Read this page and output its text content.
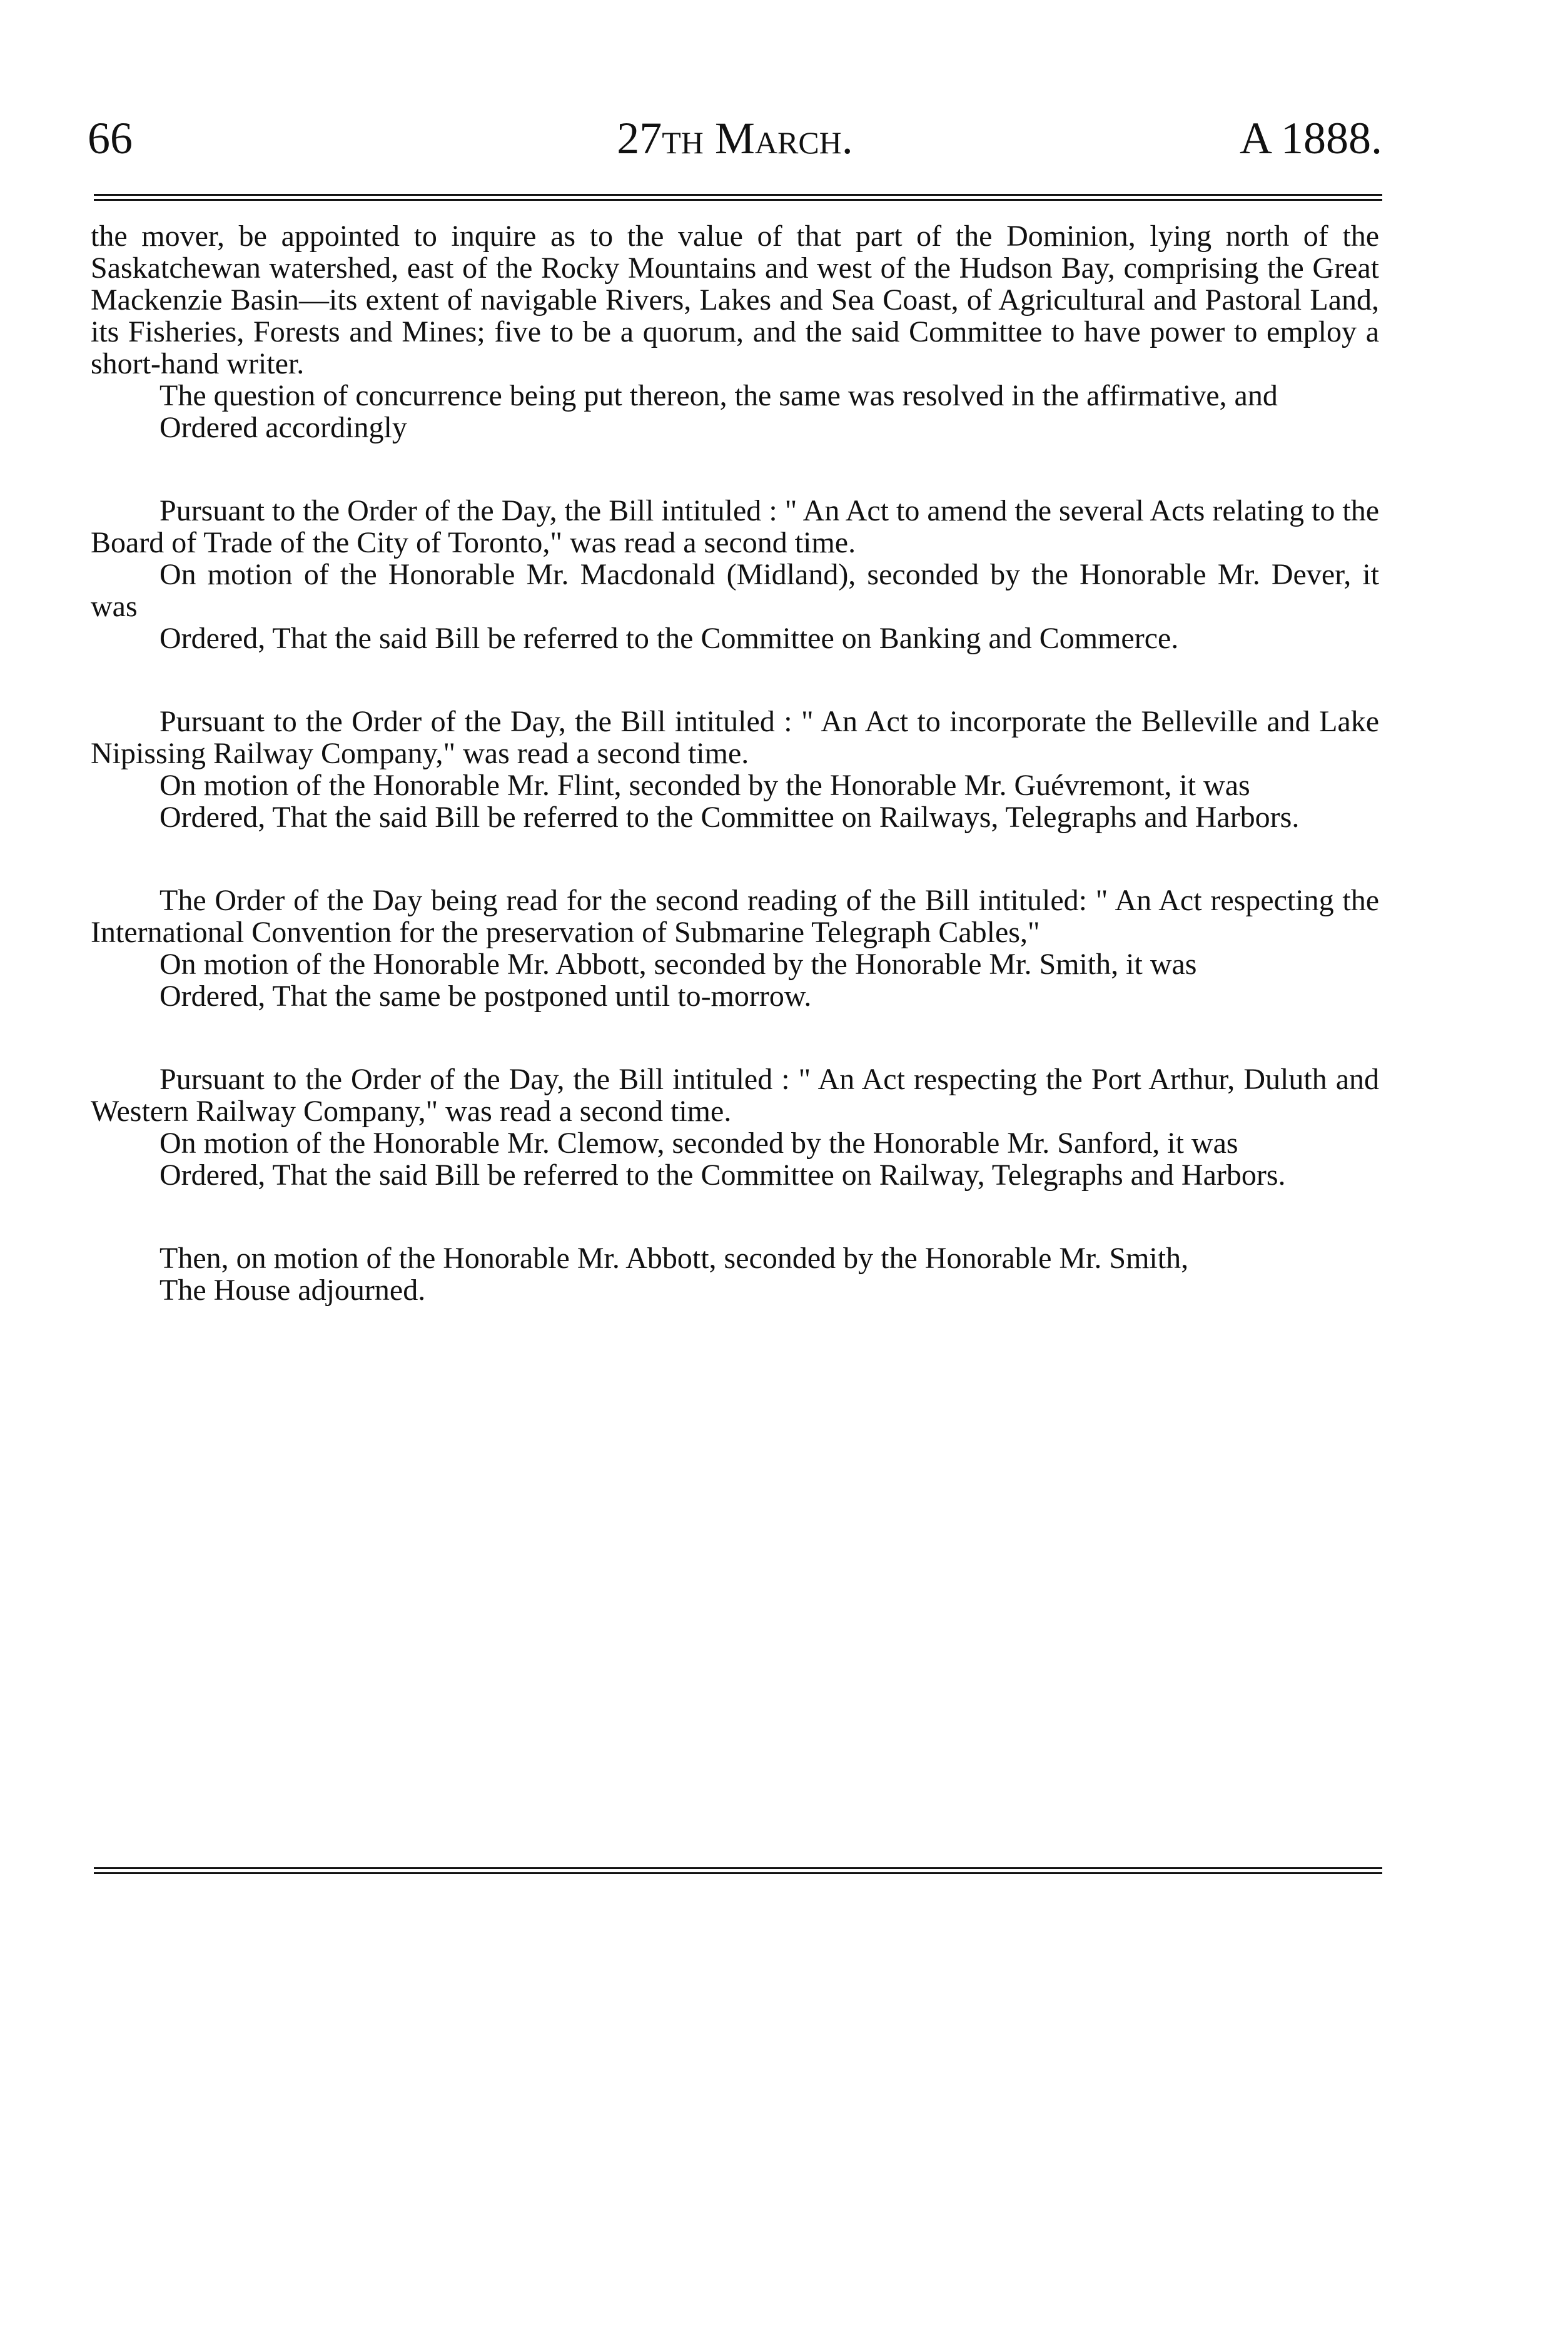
66	27th March.	A 1888.

the mover, be appointed to inquire as to the value of that part of the Dominion, lying north of the Saskatchewan watershed, east of the Rocky Mountains and west of the Hudson Bay, comprising the Great Mackenzie Basin—its extent of navigable Rivers, Lakes and Sea Coast, of Agricultural and Pastoral Land, its Fisheries, Forests and Mines; five to be a quorum, and the said Committee to have power to employ a short-hand writer.

The question of concurrence being put thereon, the same was resolved in the affirmative, and

Ordered accordingly

Pursuant to the Order of the Day, the Bill intituled : " An Act to amend the several Acts relating to the Board of Trade of the City of Toronto," was read a second time.

On motion of the Honorable Mr. Macdonald (Midland), seconded by the Honorable Mr. Dever, it was

Ordered, That the said Bill be referred to the Committee on Banking and Commerce.

Pursuant to the Order of the Day, the Bill intituled : " An Act to incorporate the Belleville and Lake Nipissing Railway Company," was read a second time.

On motion of the Honorable Mr. Flint, seconded by the Honorable Mr. Guévremont, it was

Ordered, That the said Bill be referred to the Committee on Railways, Telegraphs and Harbors.

The Order of the Day being read for the second reading of the Bill intituled: " An Act respecting the International Convention for the preservation of Submarine Telegraph Cables,"

On motion of the Honorable Mr. Abbott, seconded by the Honorable Mr. Smith, it was

Ordered, That the same be postponed until to-morrow.

Pursuant to the Order of the Day, the Bill intituled : " An Act respecting the Port Arthur, Duluth and Western Railway Company," was read a second time.

On motion of the Honorable Mr. Clemow, seconded by the Honorable Mr. Sanford, it was

Ordered, That the said Bill be referred to the Committee on Railway, Telegraphs and Harbors.

Then, on motion of the Honorable Mr. Abbott, seconded by the Honorable Mr. Smith,

The House adjourned.
